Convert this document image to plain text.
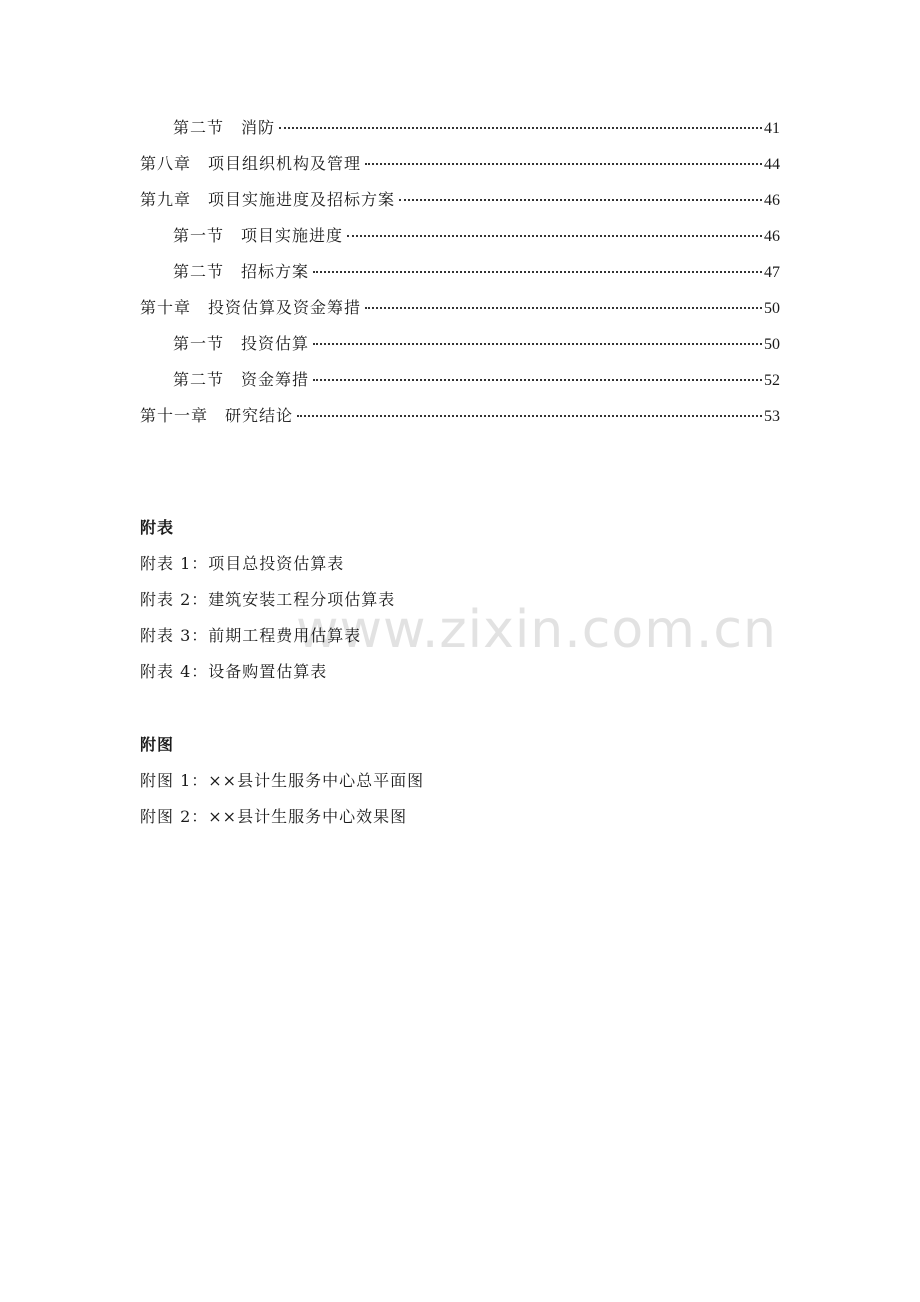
www.zixin.com.cn
第二节　消防	41
第八章　项目组织机构及管理	44
第九章　项目实施进度及招标方案	46
第一节　项目实施进度	46
第二节　招标方案	47
第十章　投资估算及资金筹措	50
第一节　投资估算	50
第二节　资金筹措	52
第十一章　研究结论	53
附表
附表 1：项目总投资估算表
附表 2：建筑安装工程分项估算表
附表 3：前期工程费用估算表
附表 4：设备购置估算表
附图
附图 1：××县计生服务中心总平面图
附图 2：××县计生服务中心效果图
